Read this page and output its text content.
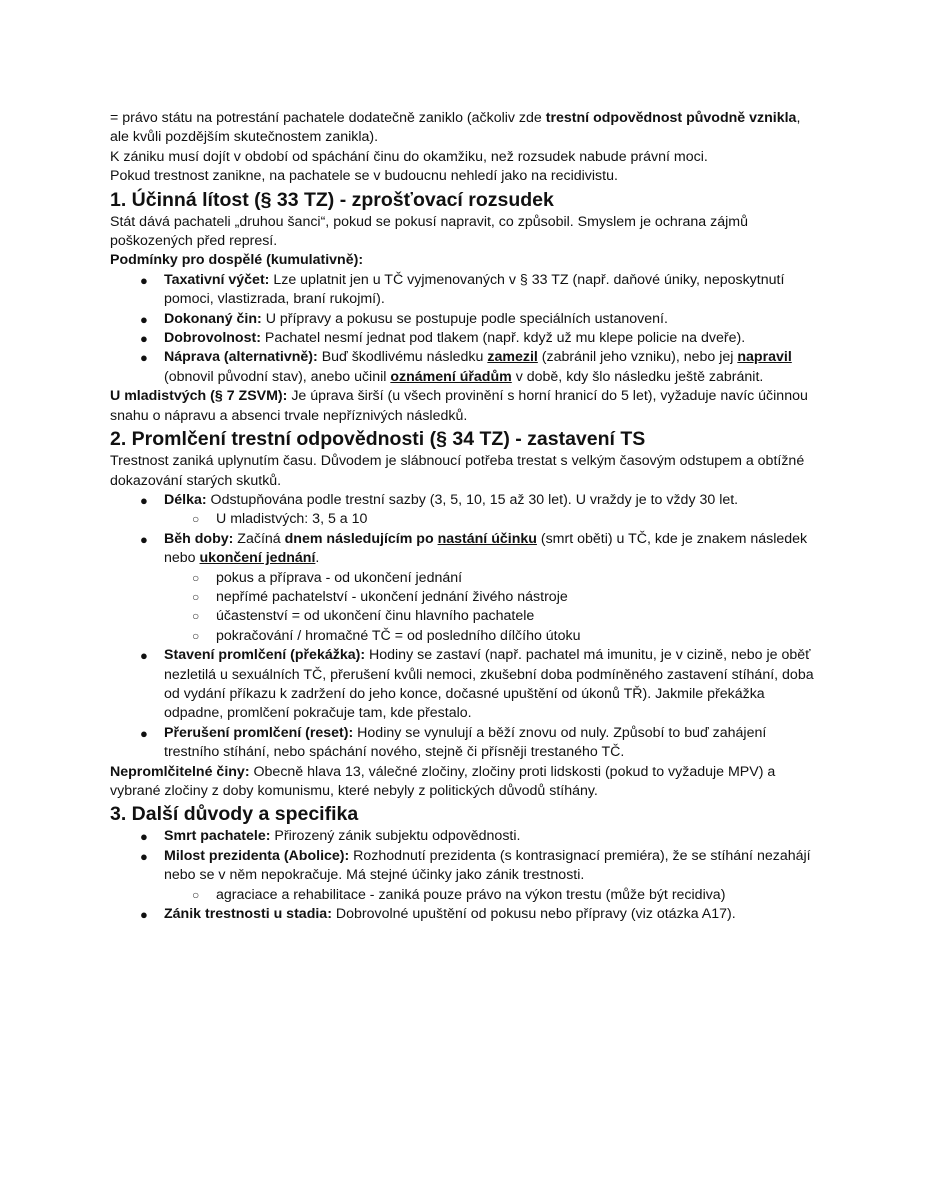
= právo státu na potrestání pachatele dodatečně zaniklo (ačkoliv zde trestní odpovědnost původně vznikla, ale kvůli pozdějším skutečnostem zanikla).

K zániku musí dojít v období od spáchání činu do okamžiku, než rozsudek nabude právní moci.

Pokud trestnost zanikne, na pachatele se v budoucnu nehledí jako na recidivistu.

1. Účinná lítost (§ 33 TZ) - zprošťovací rozsudek

Stát dává pachateli „druhou šanci“, pokud se pokusí napravit, co způsobil. Smyslem je ochrana zájmů poškozených před represí.

Podmínky pro dospělé (kumulativně):

● Taxativní výčet: Lze uplatnit jen u TČ vyjmenovaných v § 33 TZ (např. daňové úniky, neposkytnutí pomoci, vlastizrada, braní rukojmí).
● Dokonaný čin: U přípravy a pokusu se postupuje podle speciálních ustanovení.
● Dobrovolnost: Pachatel nesmí jednat pod tlakem (např. když už mu klepe policie na dveře).
● Náprava (alternativně): Buď škodlivému následku zamezil (zabránil jeho vzniku), nebo jej napravil (obnovil původní stav), anebo učinil oznámení úřadům v době, kdy šlo následku ještě zabránit.

U mladistvých (§ 7 ZSVM): Je úprava širší (u všech provinění s horní hranicí do 5 let), vyžaduje navíc účinnou snahu o nápravu a absenci trvale nepříznivých následků.

2. Promlčení trestní odpovědnosti (§ 34 TZ) - zastavení TS

Trestnost zaniká uplynutím času. Důvodem je slábnoucí potřeba trestat s velkým časovým odstupem a obtížné dokazování starých skutků.

● Délka: Odstupňována podle trestní sazby (3, 5, 10, 15 až 30 let). U vraždy je to vždy 30 let.
○ U mladistvých: 3, 5 a 10
● Běh doby: Začíná dnem následujícím po nastání účinku (smrt oběti) u TČ, kde je znakem následek nebo ukončení jednání.
○ pokus a příprava - od ukončení jednání
○ nepřímé pachatelství - ukončení jednání živého nástroje
○ účastenství = od ukončení činu hlavního pachatele
○ pokračování / hromačné TČ = od posledního dílčího útoku
● Stavení promlčení (překážka): Hodiny se zastaví (např. pachatel má imunitu, je v cizině, nebo je oběť nezletilá u sexuálních TČ, přerušení kvůli nemoci, zkušební doba podmíněného zastavení stíhání, doba od vydání příkazu k zadržení do jeho konce, dočasné upuštění od úkonů TŘ). Jakmile překážka odpadne, promlčení pokračuje tam, kde přestalo.
● Přerušení promlčení (reset): Hodiny se vynulují a běží znovu od nuly. Způsobí to buď zahájení trestního stíhání, nebo spáchání nového, stejně či přísněji trestaného TČ.

Nepromlčitelné činy: Obecně hlava 13, válečné zločiny, zločiny proti lidskosti (pokud to vyžaduje MPV) a vybrané zločiny z doby komunismu, které nebyly z politických důvodů stíhány.

3. Další důvody a specifika
● Smrt pachatele: Přirozený zánik subjektu odpovědnosti.
● Milost prezidenta (Abolice): Rozhodnutí prezidenta (s kontrasignací premiéra), že se stíhání nezahájí nebo se v něm nepokračuje. Má stejné účinky jako zánik trestnosti.
○ agraciace a rehabilitace - zaniká pouze právo na výkon trestu (může být recidiva)
● Zánik trestnosti u stadia: Dobrovolné upuštění od pokusu nebo přípravy (viz otázka A17).
